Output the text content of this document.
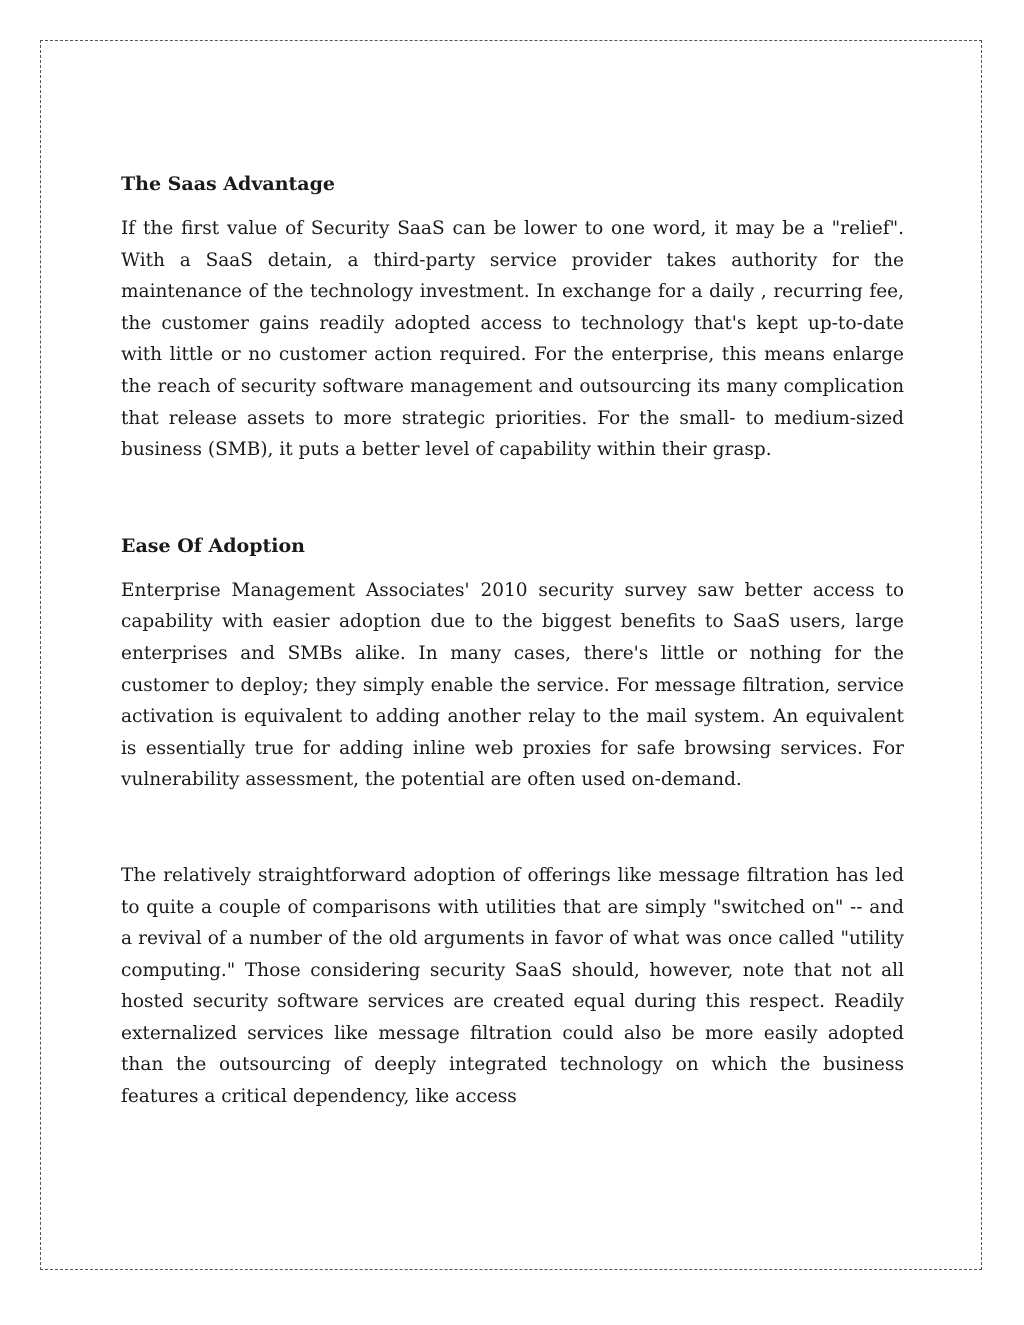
The Saas Advantage

If the first value of Security SaaS can be lower to one word, it may be a "relief". With a SaaS detain, a third-party service provider takes authority for the maintenance of the technology investment. In exchange for a daily , recurring fee, the customer gains readily adopted access to technology that's kept up-to-date with little or no customer action required. For the enterprise, this means enlarge the reach of security software management and outsourcing its many complication that release assets to more strategic priorities. For the small- to medium-sized business (SMB), it puts a better level of capability within their grasp.

Ease Of Adoption

Enterprise Management Associates' 2010 security survey saw better access to capability with easier adoption due to the biggest benefits to SaaS users, large enterprises and SMBs alike. In many cases, there's little or nothing for the customer to deploy; they simply enable the service. For message filtration, service activation is equivalent to adding another relay to the mail system. An equivalent is essentially true for adding inline web proxies for safe browsing services. For vulnerability assessment, the potential are often used on-demand.

The relatively straightforward adoption of offerings like message filtration has led to quite a couple of comparisons with utilities that are simply "switched on" -- and a revival of a number of the old arguments in favor of what was once called "utility computing." Those considering security SaaS should, however, note that not all hosted security software services are created equal during this respect. Readily externalized services like message filtration could also be more easily adopted than the outsourcing of deeply integrated technology on which the business features a critical dependency, like access
